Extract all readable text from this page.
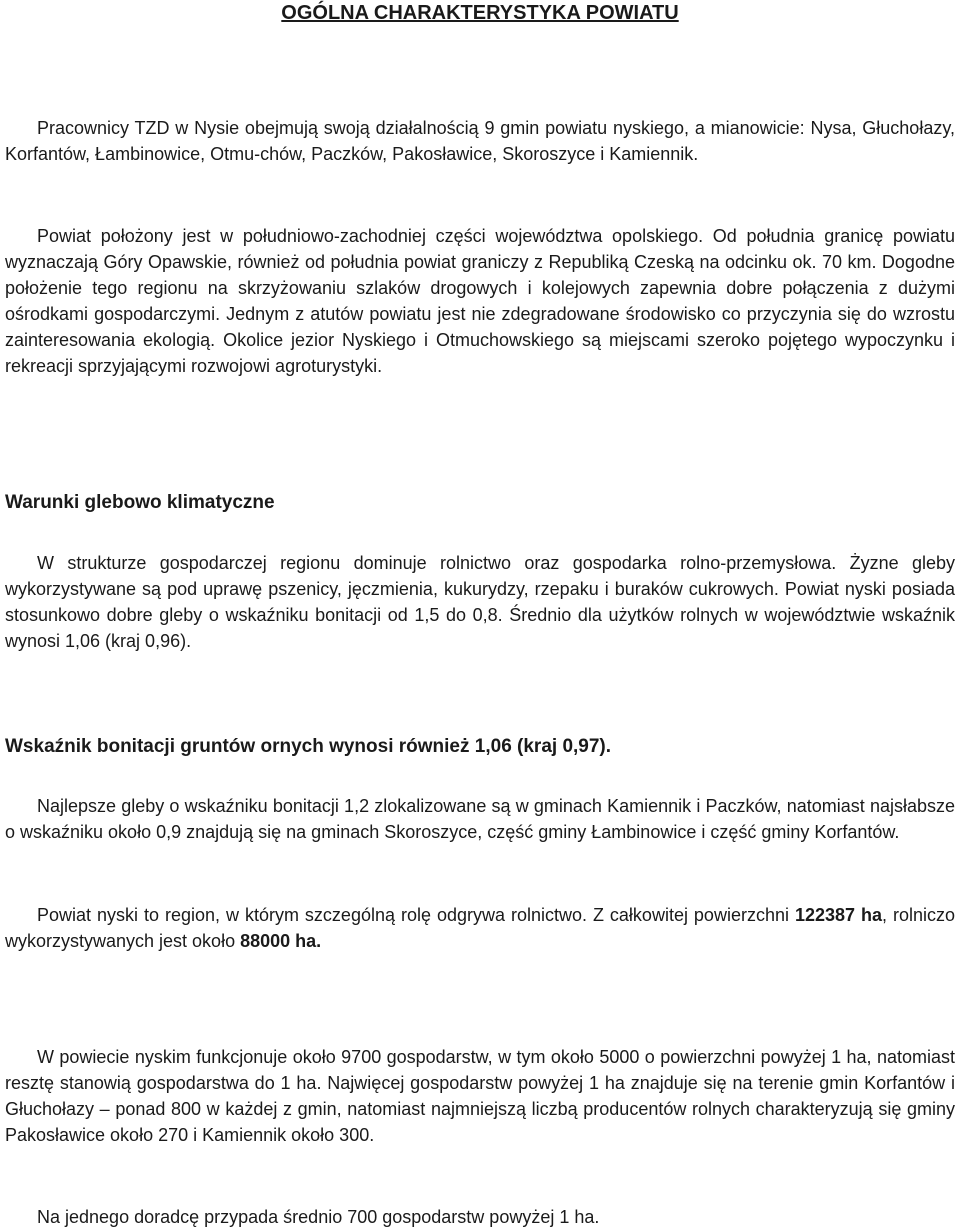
OGÓLNA CHARAKTERYSTYKA POWIATU

Pracownicy TZD w Nysie obejmują swoją działalnością 9 gmin powiatu nyskiego, a mianowicie: Nysa, Głuchołazy, Korfantów, Łambinowice, Otmu-chów, Paczków, Pakosławice, Skoroszyce i Kamiennik.

Powiat położony jest w południowo-zachodniej części województwa opolskiego. Od południa granicę powiatu wyznaczają Góry Opawskie, również od południa powiat graniczy z Republiką Czeską na odcinku ok. 70 km. Dogodne położenie tego regionu na skrzyżowaniu szlaków drogowych i kolejowych zapewnia dobre połączenia z dużymi ośrodkami gospodarczymi. Jednym z atutów powiatu jest nie zdegradowane środowisko co przyczynia się do wzrostu zainteresowania ekologią. Okolice jezior Nyskiego i Otmuchowskiego są miejscami szeroko pojętego wypoczynku i rekreacji sprzyjającymi rozwojowi agroturystyki.

Warunki glebowo klimatyczne

W strukturze gospodarczej regionu dominuje rolnictwo oraz gospodarka rolno-przemysłowa. Żyzne gleby wykorzystywane są pod uprawę pszenicy, jęczmienia, kukurydzy, rzepaku i buraków cukrowych. Powiat nyski posiada stosunkowo dobre gleby o wskaźniku bonitacji od 1,5 do 0,8. Średnio dla użytków rolnych w województwie wskaźnik wynosi 1,06 (kraj 0,96).

Wskaźnik bonitacji gruntów ornych wynosi również 1,06 (kraj 0,97).

Najlepsze gleby o wskaźniku bonitacji 1,2 zlokalizowane są w gminach Kamiennik i Paczków, natomiast najsłabsze o wskaźniku około 0,9 znajdują się na gminach Skoroszyce, część gminy Łambinowice i część gminy Korfantów.

Powiat nyski to region, w którym szczególną rolę odgrywa rolnictwo. Z całkowitej powierzchni 122387 ha, rolniczo wykorzystywanych jest około 88000 ha.

W powiecie nyskim funkcjonuje około 9700 gospodarstw, w tym około 5000 o powierzchni powyżej 1 ha, natomiast resztę stanowią gospodarstwa do 1 ha. Najwięcej gospodarstw powyżej 1 ha znajduje się na terenie gmin Korfantów i Głuchołazy – ponad 800 w każdej z gmin, natomiast najmniejszą liczbą producentów rolnych charakteryzują się gminy Pakosławice około 270 i Kamiennik około 300.

Na jednego doradcę przypada średnio 700 gospodarstw powyżej 1 ha.
